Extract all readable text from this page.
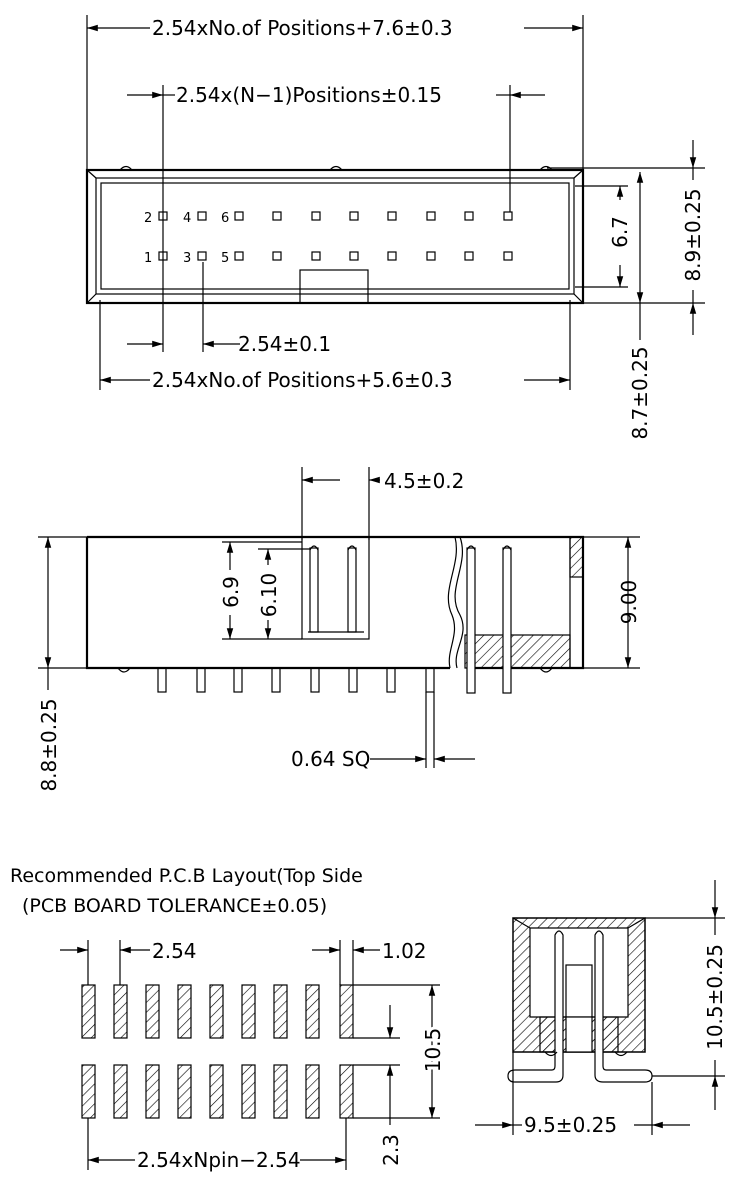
2.54xNo.of Positions+7.6±0.3
2.54x(N−1)Positions±0.15
2 4 6
1 3 5
2.54±0.1
2.54xNo.of Positions+5.6±0.3
6.7 8.9±0.25
8.7±0.25
4.5±0.2
6.9 6.10	9.00
8.8±0.25	0.64 SQ
Recommended P.C.B Layout(Top Side
(PCB BOARD TOLERANCE±0.05)
2.54	1.02
10.5
2.3
2.54xNpin−2.54
10.5±0.25
9.5±0.25
